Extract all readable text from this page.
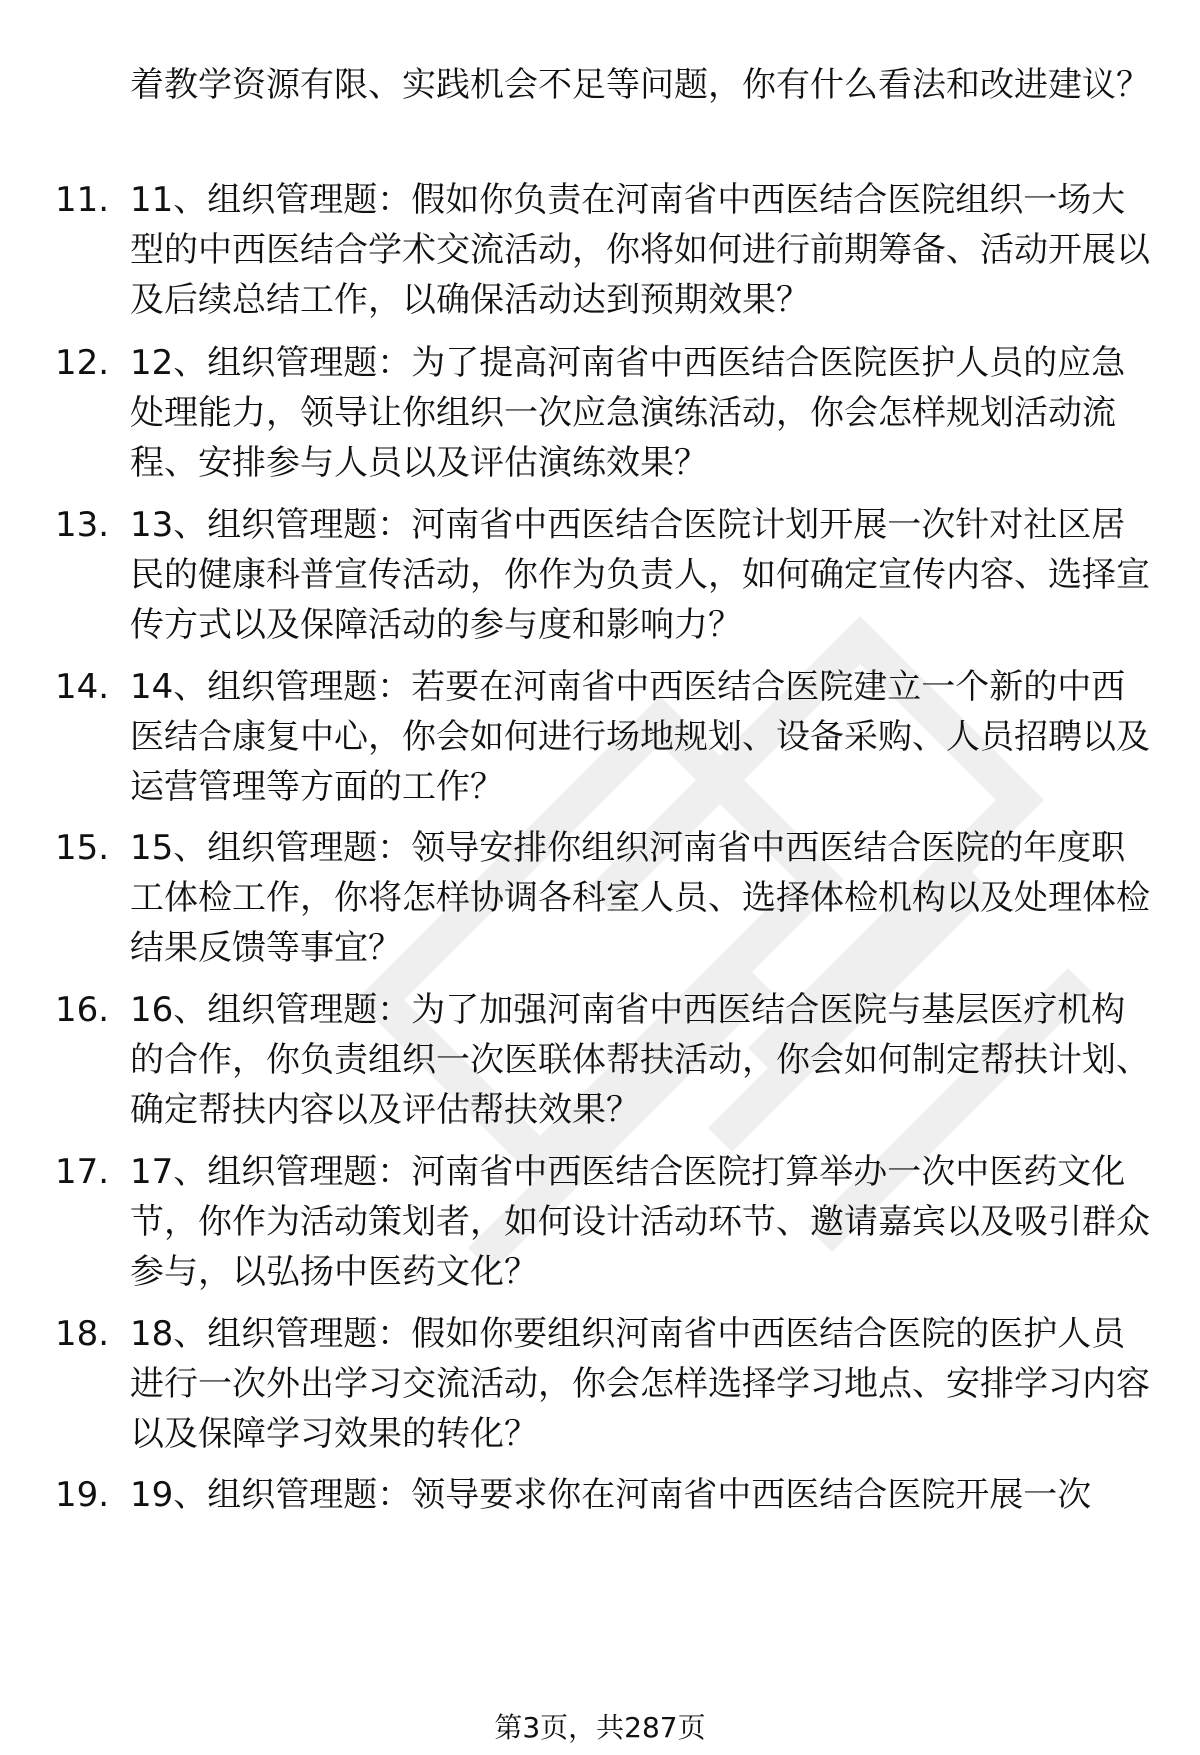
着教学资源有限、实践机会不足等问题，你有什么看法和改进建议？
11. 11、组织管理题：假如你负责在河南省中西医结合医院组织一场大型的中西医结合学术交流活动，你将如何进行前期筹备、活动开展以及后续总结工作，以确保活动达到预期效果？
12. 12、组织管理题：为了提高河南省中西医结合医院医护人员的应急处理能力，领导让你组织一次应急演练活动，你会怎样规划活动流程、安排参与人员以及评估演练效果？
13. 13、组织管理题：河南省中西医结合医院计划开展一次针对社区居民的健康科普宣传活动，你作为负责人，如何确定宣传内容、选择宣传方式以及保障活动的参与度和影响力？
14. 14、组织管理题：若要在河南省中西医结合医院建立一个新的中西医结合康复中心，你会如何进行场地规划、设备采购、人员招聘以及运营管理等方面的工作？
15. 15、组织管理题：领导安排你组织河南省中西医结合医院的年度职工体检工作，你将怎样协调各科室人员、选择体检机构以及处理体检结果反馈等事宜？
16. 16、组织管理题：为了加强河南省中西医结合医院与基层医疗机构的合作，你负责组织一次医联体帮扶活动，你会如何制定帮扶计划、确定帮扶内容以及评估帮扶效果？
17. 17、组织管理题：河南省中西医结合医院打算举办一次中医药文化节，你作为活动策划者，如何设计活动环节、邀请嘉宾以及吸引群众参与，以弘扬中医药文化？
18. 18、组织管理题：假如你要组织河南省中西医结合医院的医护人员进行一次外出学习交流活动，你会怎样选择学习地点、安排学习内容以及保障学习效果的转化？
19. 19、组织管理题：领导要求你在河南省中西医结合医院开展一次
第3页，共287页
